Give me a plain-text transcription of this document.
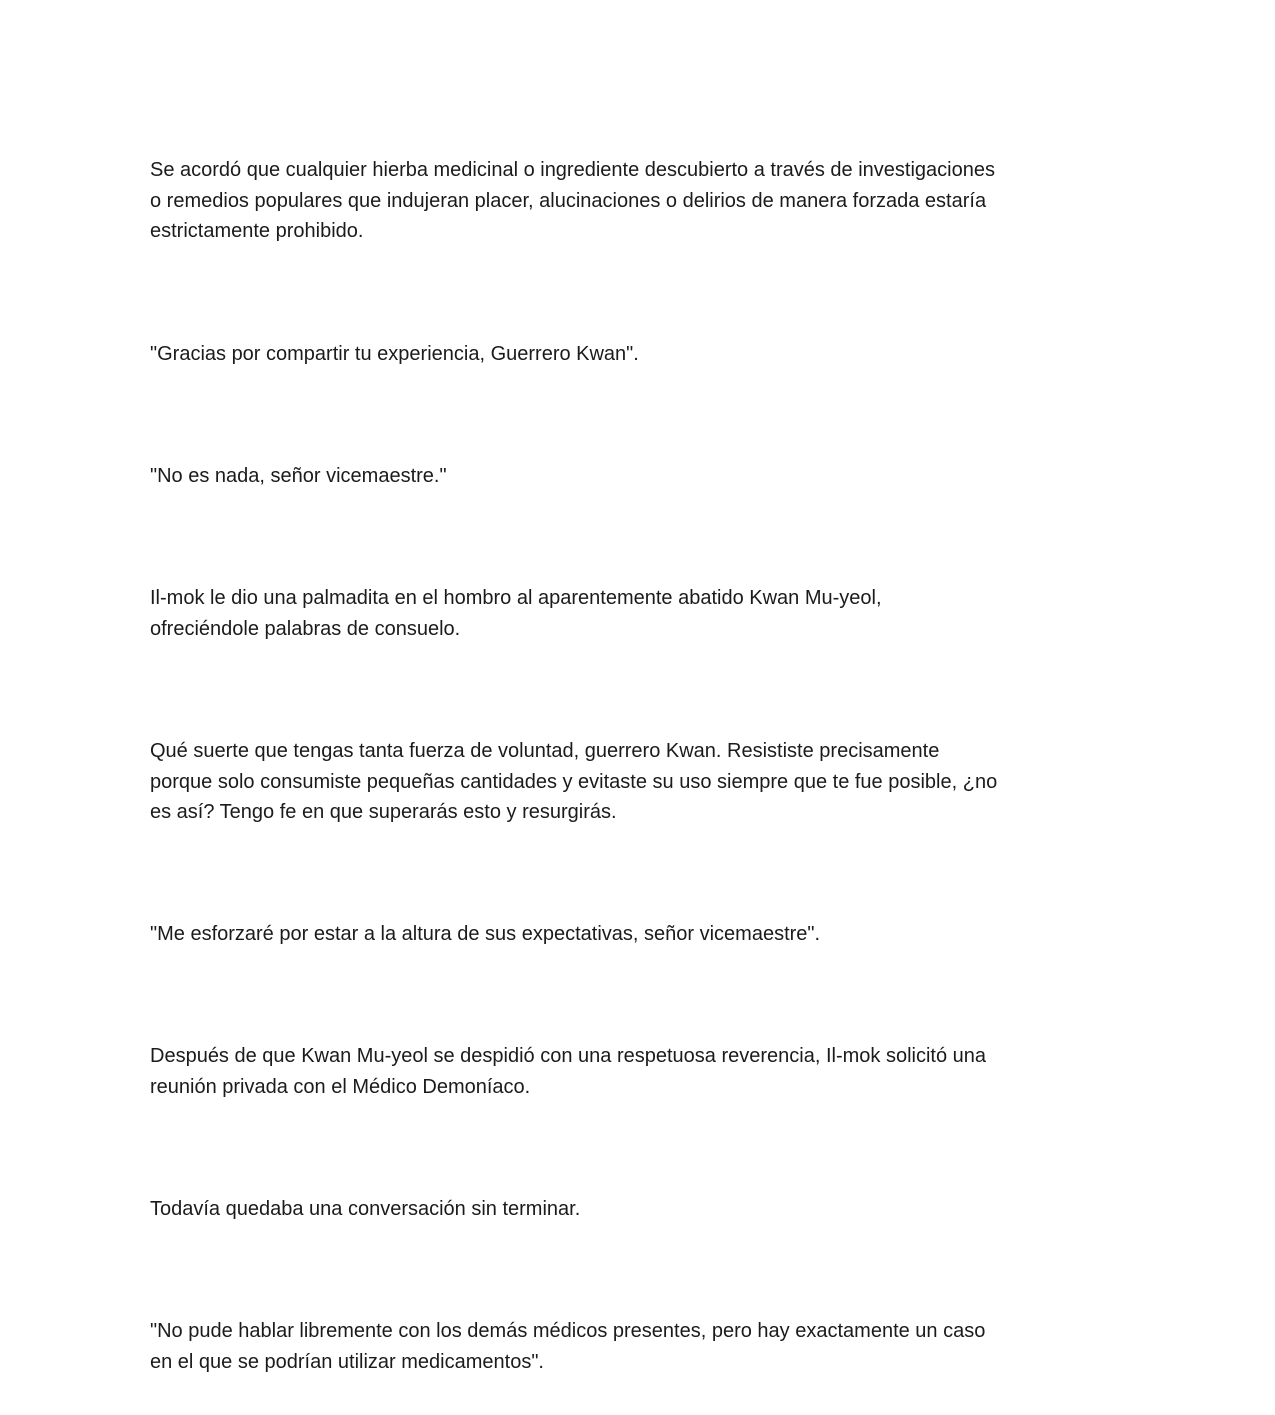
Se acordó que cualquier hierba medicinal o ingrediente descubierto a través de investigaciones
o remedios populares que indujeran placer, alucinaciones o delirios de manera forzada estaría
estrictamente prohibido.

"Gracias por compartir tu experiencia, Guerrero Kwan".

"No es nada, señor vicemaestre."

Il-mok le dio una palmadita en el hombro al aparentemente abatido Kwan Mu-yeol,
ofreciéndole palabras de consuelo.

Qué suerte que tengas tanta fuerza de voluntad, guerrero Kwan. Resististe precisamente
porque solo consumiste pequeñas cantidades y evitaste su uso siempre que te fue posible, ¿no
es así? Tengo fe en que superarás esto y resurgirás.

"Me esforzaré por estar a la altura de sus expectativas, señor vicemaestre".

Después de que Kwan Mu-yeol se despidió con una respetuosa reverencia, Il-mok solicitó una
reunión privada con el Médico Demoníaco.

Todavía quedaba una conversación sin terminar.

"No pude hablar libremente con los demás médicos presentes, pero hay exactamente un caso
en el que se podrían utilizar medicamentos".
